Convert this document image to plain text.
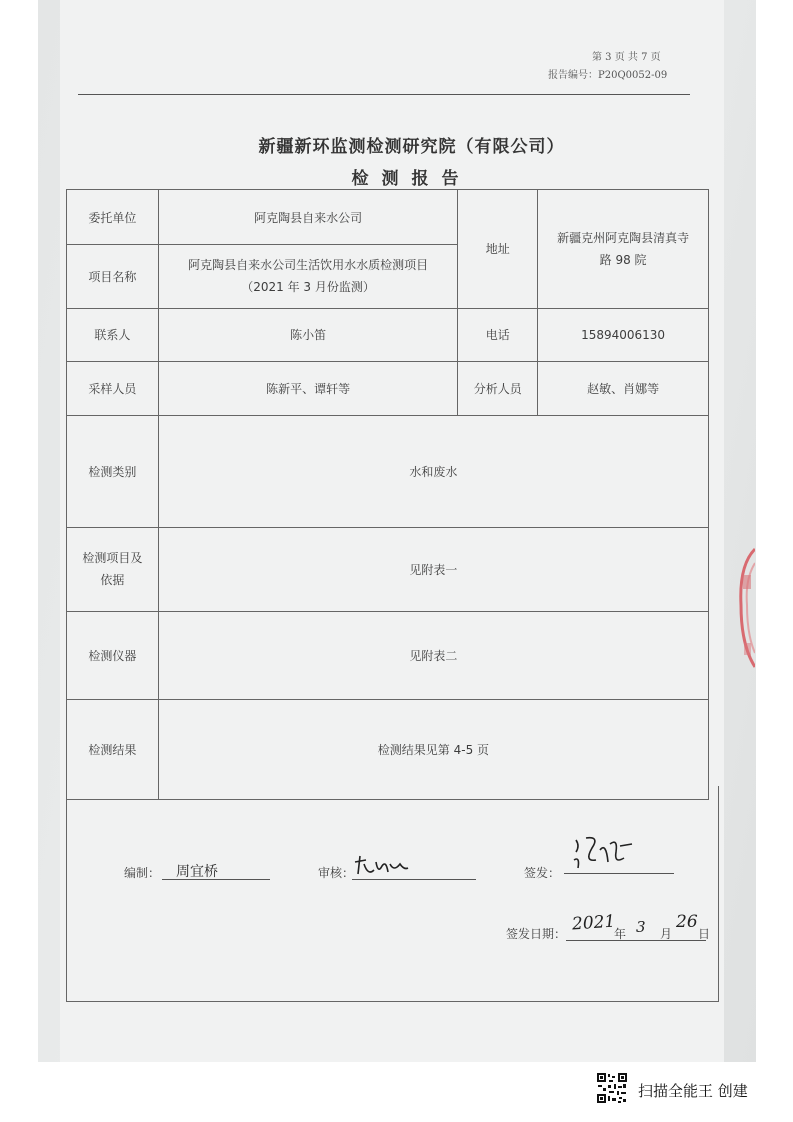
第 3 页 共 7 页
报告编号：P20Q0052-09
新疆新环监测检测研究院（有限公司）
检测报告
委托单位	阿克陶县自来水公司	地址	新疆克州阿克陶县清真寺
路 98 院

项目名称	阿克陶县自来水公司生活饮用水水质检测项目
（2021 年 3 月份监测）		

联系人	陈小笛	电话	15894006130
采样人员	陈新平、谭轩等	分析人员	赵敏、肖娜等
检测类别	水和废水		

检测项目及
依据	见附表一		
检测仪器	见附表二		
检测结果	检测结果见第 4-5 页		
编制： 周宜桥	审核：	签发：
签发日期： 2021
年 3 月
26
日
扫描全能王 创建
